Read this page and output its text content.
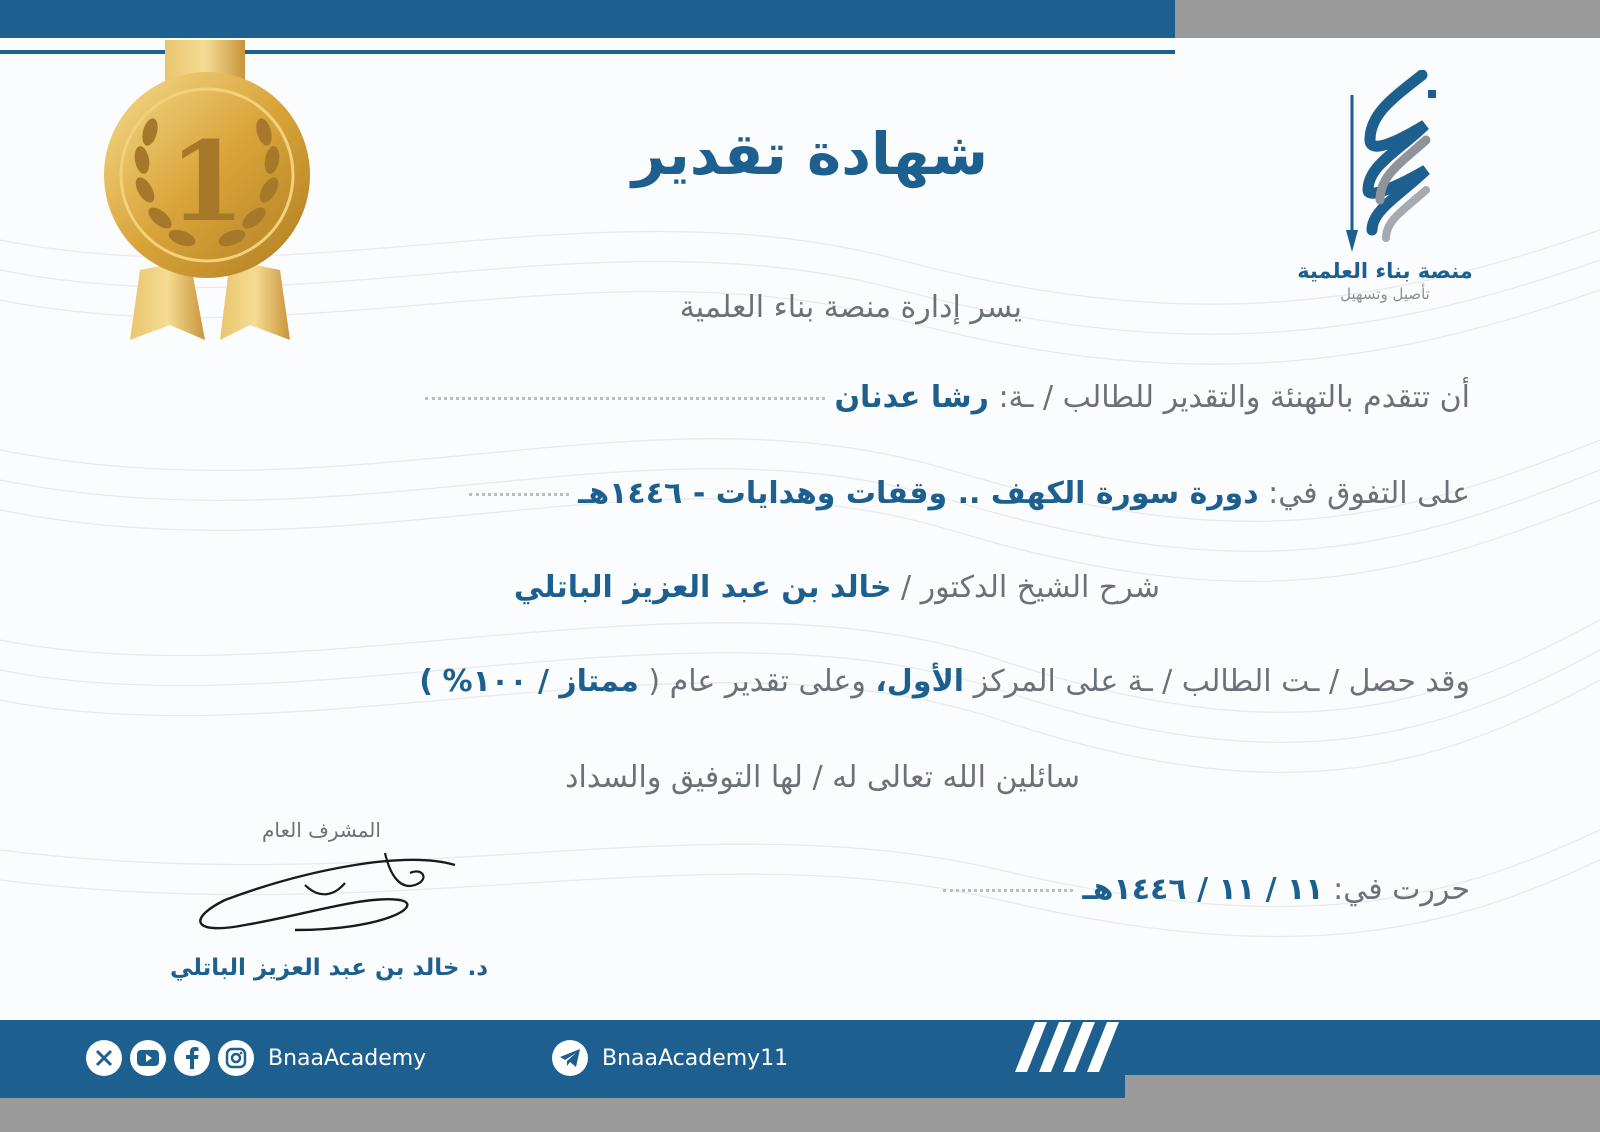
1
منصة بناء العلمية
تأصيل وتسهيل
شهادة تقدير
يسر إدارة منصة بناء العلمية
أن تتقدم بالتهنئة والتقدير للطالب / ـة: رشا عدنان
على التفوق في: دورة سورة الكهف .. وقفات وهدايات - ١٤٤٦هـ
شرح الشيخ الدكتور / خالد بن عبد العزيز الباتلي
وقد حصل / ـت الطالب / ـة على المركز الأول، وعلى تقدير عام ( ممتاز / ١٠٠% )
سائلين الله تعالى له / لها التوفيق والسداد
حررت في: ١١ / ١١ / ١٤٤٦هـ
المشرف العام
د. خالد بن عبد العزيز الباتلي
BnaaAcademy	BnaaAcademy11
